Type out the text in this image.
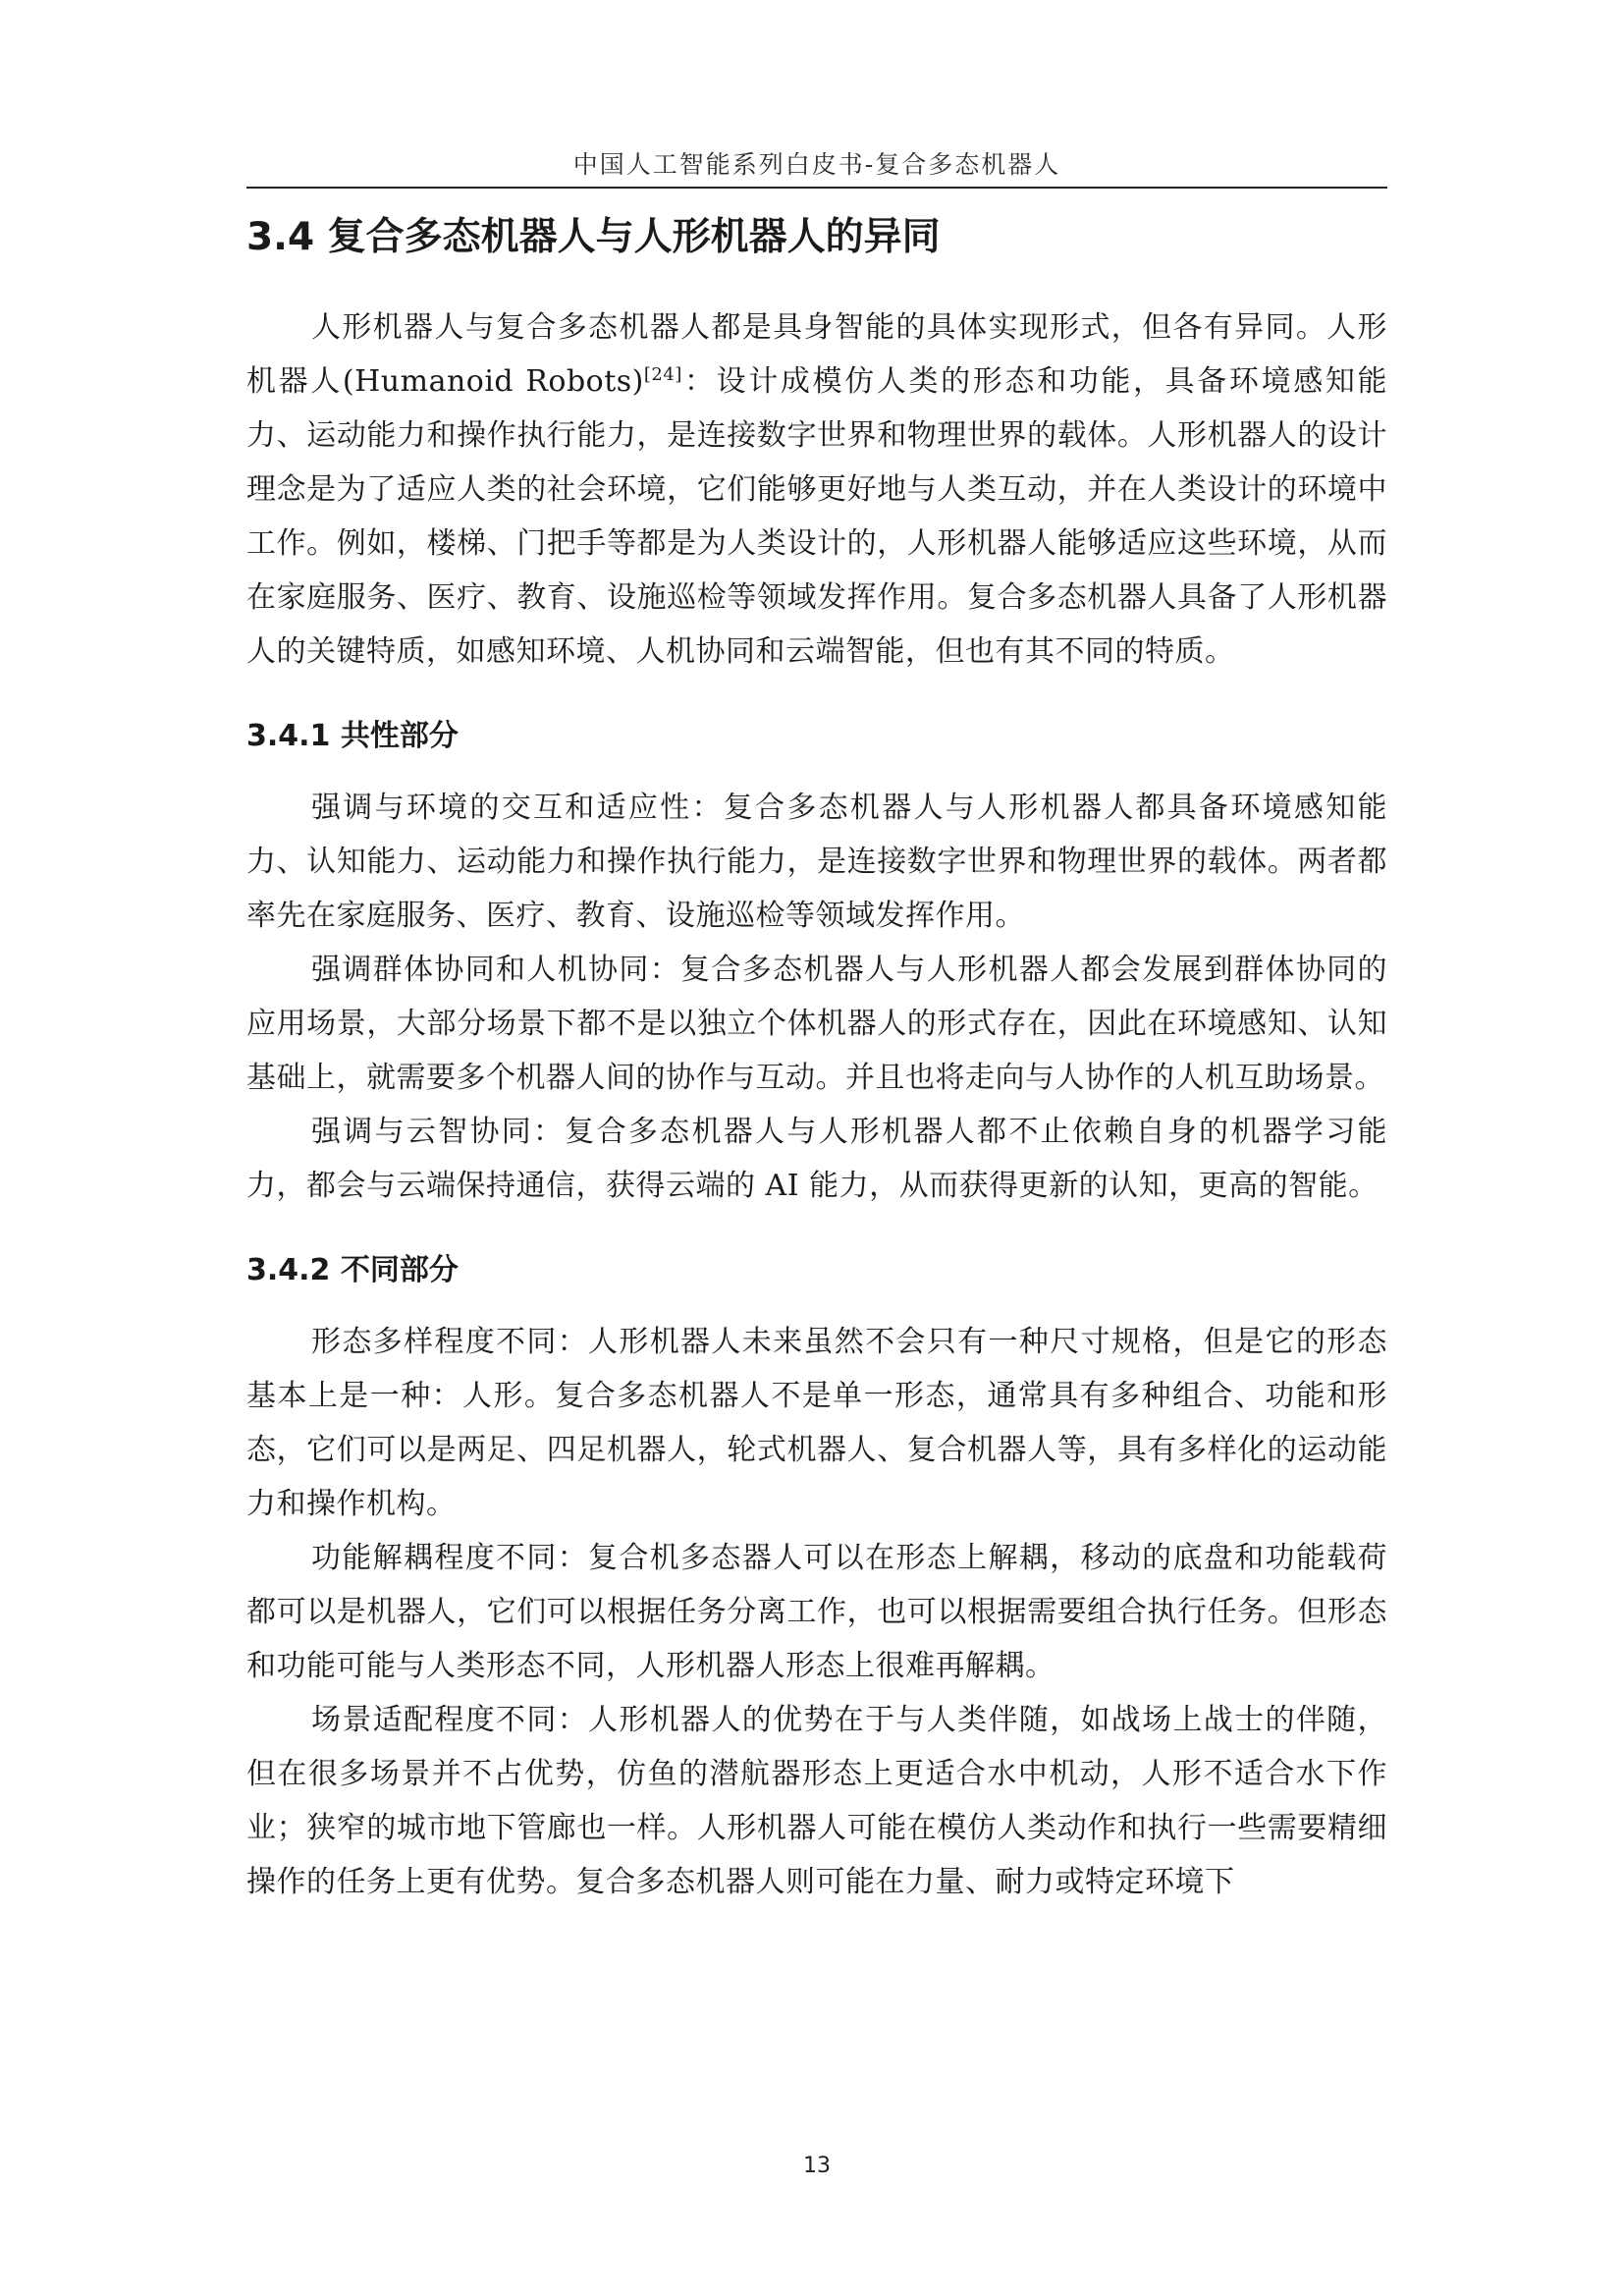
中国人工智能系列白皮书-复合多态机器人
3.4 复合多态机器人与人形机器人的异同

人形机器人与复合多态机器人都是具身智能的具体实现形式，但各有异同。人形机器人(Humanoid Robots)[24]：设计成模仿人类的形态和功能，具备环境感知能力、运动能力和操作执行能力，是连接数字世界和物理世界的载体。人形机器人的设计理念是为了适应人类的社会环境，它们能够更好地与人类互动，并在人类设计的环境中工作。例如，楼梯、门把手等都是为人类设计的，人形机器人能够适应这些环境，从而在家庭服务、医疗、教育、设施巡检等领域发挥作用。复合多态机器人具备了人形机器人的关键特质，如感知环境、人机协同和云端智能，但也有其不同的特质。

3.4.1 共性部分

强调与环境的交互和适应性：复合多态机器人与人形机器人都具备环境感知能力、认知能力、运动能力和操作执行能力，是连接数字世界和物理世界的载体。两者都率先在家庭服务、医疗、教育、设施巡检等领域发挥作用。

强调群体协同和人机协同：复合多态机器人与人形机器人都会发展到群体协同的应用场景，大部分场景下都不是以独立个体机器人的形式存在，因此在环境感知、认知基础上，就需要多个机器人间的协作与互动。并且也将走向与人协作的人机互助场景。

强调与云智协同：复合多态机器人与人形机器人都不止依赖自身的机器学习能力，都会与云端保持通信，获得云端的 AI 能力，从而获得更新的认知，更高的智能。

3.4.2 不同部分

形态多样程度不同：人形机器人未来虽然不会只有一种尺寸规格，但是它的形态基本上是一种：人形。复合多态机器人不是单一形态，通常具有多种组合、功能和形态，它们可以是两足、四足机器人，轮式机器人、复合机器人等，具有多样化的运动能力和操作机构。

功能解耦程度不同：复合机多态器人可以在形态上解耦，移动的底盘和功能载荷都可以是机器人，它们可以根据任务分离工作，也可以根据需要组合执行任务。但形态和功能可能与人类形态不同，人形机器人形态上很难再解耦。

场景适配程度不同：人形机器人的优势在于与人类伴随，如战场上战士的伴随，但在很多场景并不占优势，仿鱼的潜航器形态上更适合水中机动，人形不适合水下作业；狭窄的城市地下管廊也一样。人形机器人可能在模仿人类动作和执行一些需要精细操作的任务上更有优势。复合多态机器人则可能在力量、耐力或特定环境下

13
